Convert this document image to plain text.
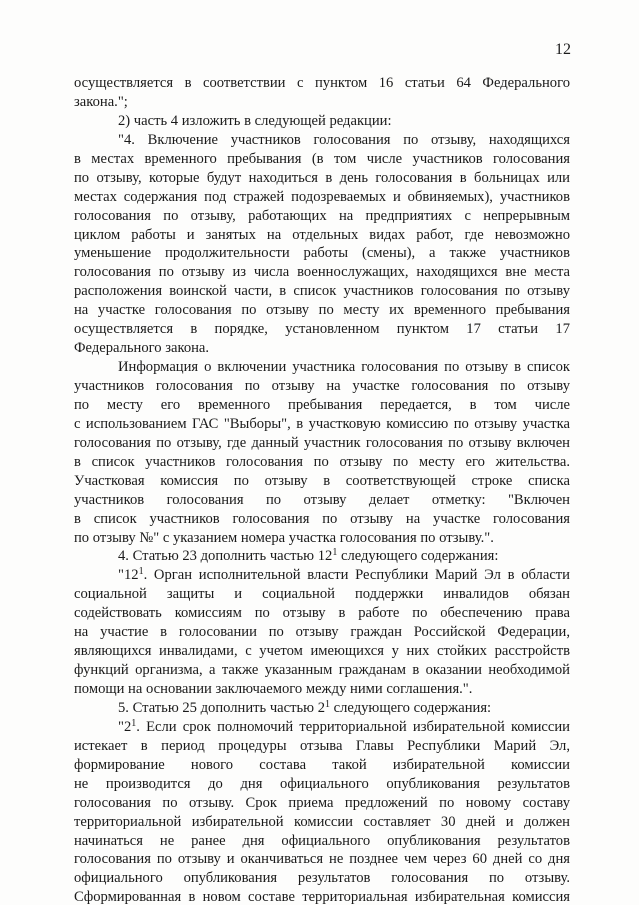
12
осуществляется в соответствии с пунктом 16 статьи 64 Федерального
закона.";
2) часть 4 изложить в следующей редакции:
"4. Включение участников голосования по отзыву, находящихся
в местах временного пребывания (в том числе участников голосования
по отзыву, которые будут находиться в день голосования в больницах или
местах содержания под стражей подозреваемых и обвиняемых), участников
голосования по отзыву, работающих на предприятиях с непрерывным
циклом работы и занятых на отдельных видах работ, где невозможно
уменьшение продолжительности работы (смены), а также участников
голосования по отзыву из числа военнослужащих, находящихся вне места
расположения воинской части, в список участников голосования по отзыву
на участке голосования по отзыву по месту их временного пребывания
осуществляется в порядке, установленном пунктом 17 статьи 17
Федерального закона.
Информация о включении участника голосования по отзыву в список
участников голосования по отзыву на участке голосования по отзыву
по месту его временного пребывания передается, в том числе
с использованием ГАС "Выборы", в участковую комиссию по отзыву участка
голосования по отзыву, где данный участник голосования по отзыву включен
в список участников голосования по отзыву по месту его жительства.
Участковая комиссия по отзыву в соответствующей строке списка
участников голосования по отзыву делает отметку: "Включен
в список участников голосования по отзыву на участке голосования
по отзыву №" с указанием номера участка голосования по отзыву.".
4. Статью 23 дополнить частью $12^1$ следующего содержания:
"$12^1$. Орган исполнительной власти Республики Марий Эл в области
социальной защиты и социальной поддержки инвалидов обязан
содействовать комиссиям по отзыву в работе по обеспечению права
на участие в голосовании по отзыву граждан Российской Федерации,
являющихся инвалидами, с учетом имеющихся у них стойких расстройств
функций организма, а также указанным гражданам в оказании необходимой
помощи на основании заключаемого между ними соглашения.".
5. Статью 25 дополнить частью $2^1$ следующего содержания:
"$2^1$. Если срок полномочий территориальной избирательной комиссии
истекает в период процедуры отзыва Главы Республики Марий Эл,
формирование нового состава такой избирательной комиссии
не производится до дня официального опубликования результатов
голосования по отзыву. Срок приема предложений по новому составу
территориальной избирательной комиссии составляет 30 дней и должен
начинаться не ранее дня официального опубликования результатов
голосования по отзыву и оканчиваться не позднее чем через 60 дней со дня
официального опубликования результатов голосования по отзыву.
Сформированная в новом составе территориальная избирательная комиссия
